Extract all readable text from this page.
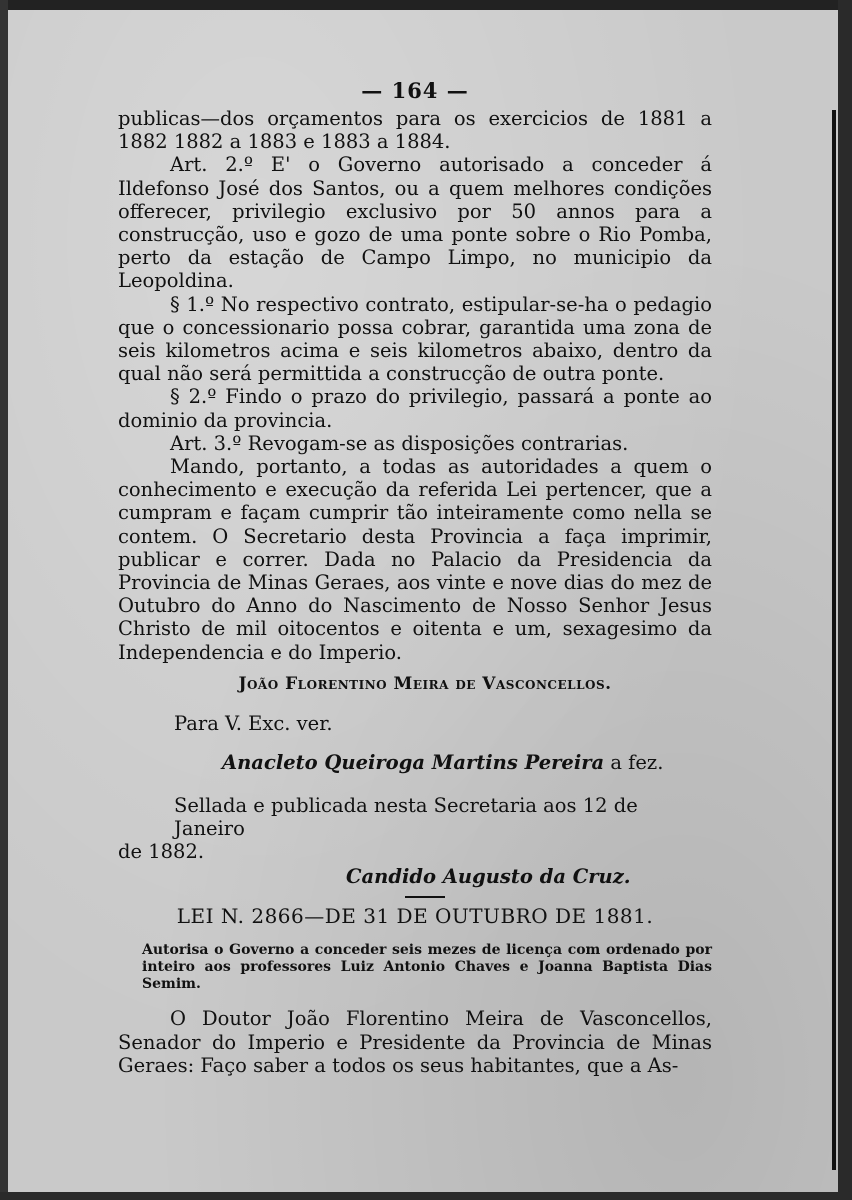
— 164 —

publicas—dos orçamentos para os exercicios de 1881 a 1882 1882 a 1883 e 1883 a 1884.

Art. 2.º E' o Governo autorisado a conceder á Ildefonso José dos Santos, ou a quem melhores condições offerecer, privilegio exclusivo por 50 annos para a construcção, uso e gozo de uma ponte sobre o Rio Pomba, perto da estação de Campo Limpo, no municipio da Leopoldina.

§ 1.º No respectivo contrato, estipular-se-ha o pedagio que o concessionario possa cobrar, garantida uma zona de seis kilometros acima e seis kilometros abaixo, dentro da qual não será permittida a construcção de outra ponte.

§ 2.º Findo o prazo do privilegio, passará a ponte ao dominio da provincia.

Art. 3.º Revogam-se as disposições contrarias.

Mando, portanto, a todas as autoridades a quem o conhecimento e execução da referida Lei pertencer, que a cumpram e façam cumprir tão inteiramente como nella se contem. O Secretario desta Provincia a faça imprimir, publicar e correr. Dada no Palacio da Presidencia da Provincia de Minas Geraes, aos vinte e nove dias do mez de Outubro do Anno do Nascimento de Nosso Senhor Jesus Christo de mil oitocentos e oitenta e um, sexagesimo da Independencia e do Imperio.

João Florentino Meira de Vasconcellos.
Para V. Exc. ver.
Anacleto Queiroga Martins Pereira a fez.
Sellada e publicada nesta Secretaria aos 12 de Janeiro
de 1882.
Candido Augusto da Cruz.
LEI N. 2866—DE 31 DE OUTUBRO DE 1881.

Autorisa o Governo a conceder seis mezes de licença com ordenado por inteiro aos professores Luiz Antonio Chaves e Joanna Baptista Dias Semim.

O Doutor João Florentino Meira de Vasconcellos, Senador do Imperio e Presidente da Provincia de Minas Geraes: Faço saber a todos os seus habitantes, que a As-
